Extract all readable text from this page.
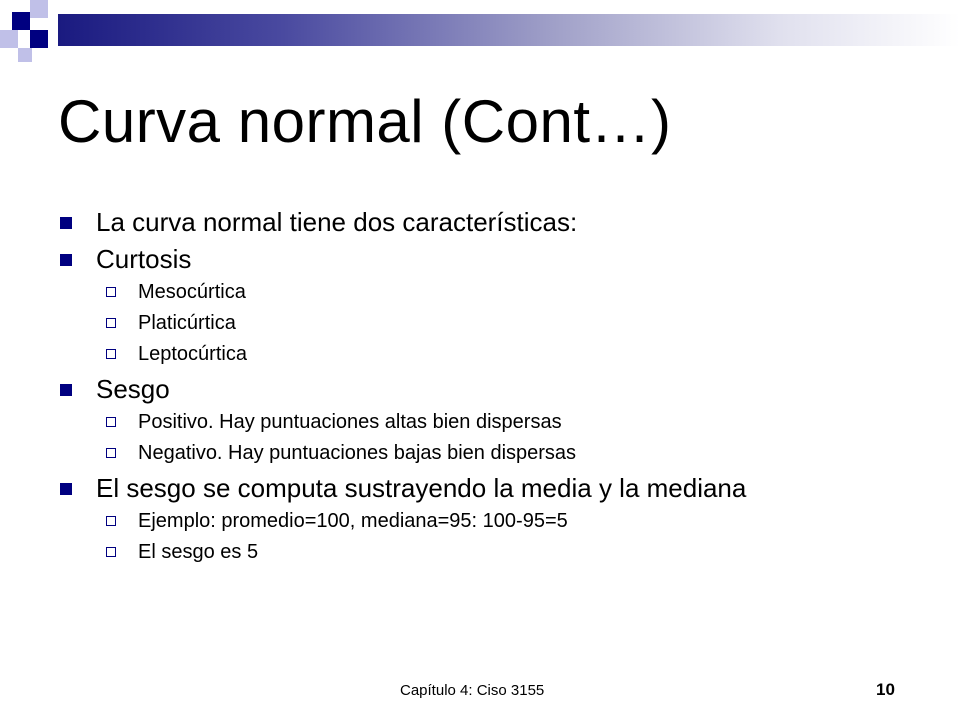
Curva normal (Cont…)
La curva normal tiene dos características:
Curtosis
Mesocúrtica
Platicúrtica
Leptocúrtica
Sesgo
Positivo. Hay puntuaciones altas bien dispersas
Negativo. Hay puntuaciones bajas bien dispersas
El sesgo se computa sustrayendo la media y la mediana
Ejemplo: promedio=100, mediana=95: 100-95=5
El sesgo es 5
Capítulo 4: Ciso 3155	10
